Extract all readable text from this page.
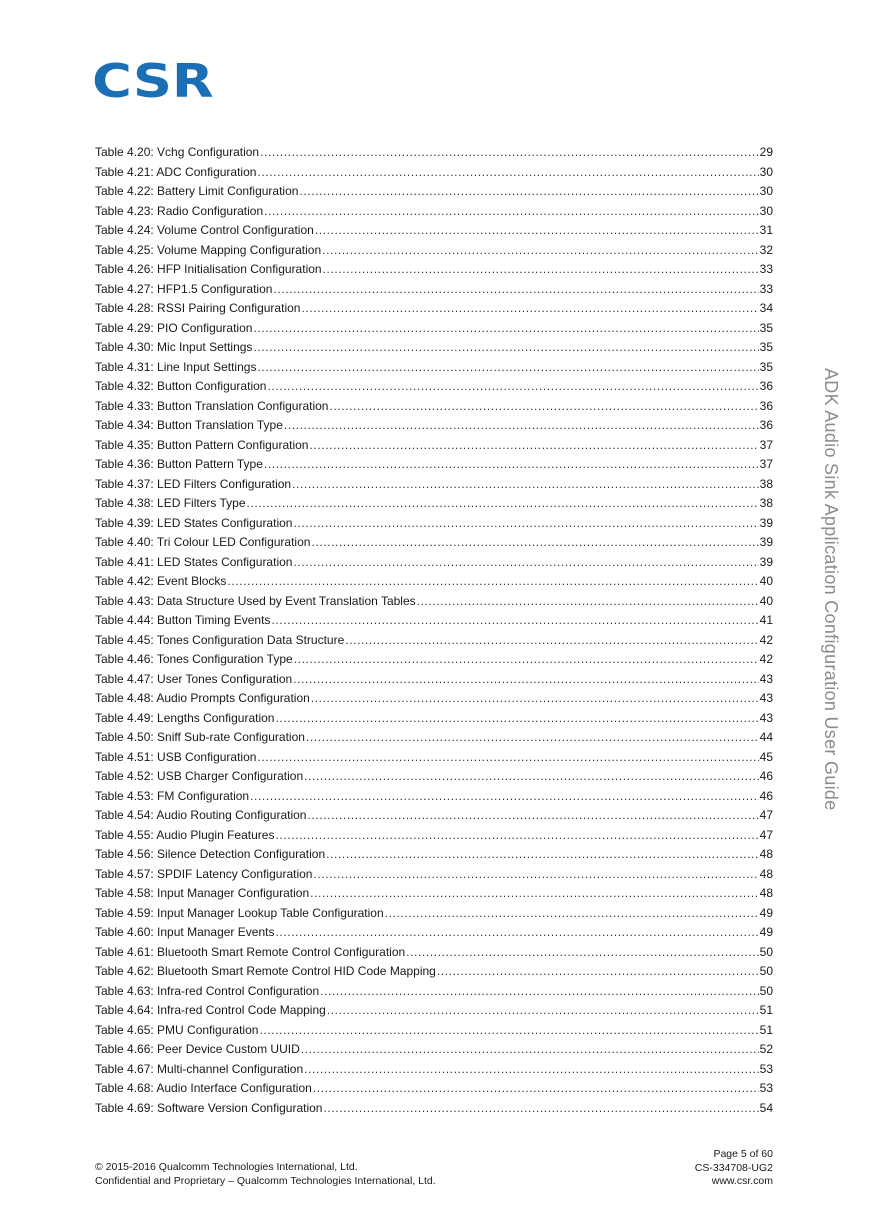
CSR
Table 4.20: Vchg Configuration .....	29
Table 4.21: ADC Configuration .....	30
Table 4.22: Battery Limit Configuration .....	30
Table 4.23: Radio Configuration .....	30
Table 4.24: Volume Control Configuration .....	31
Table 4.25: Volume Mapping Configuration .....	32
Table 4.26: HFP Initialisation Configuration .....	33
Table 4.27: HFP1.5 Configuration .....	33
Table 4.28: RSSI Pairing Configuration .....	34
Table 4.29: PIO Configuration .....	35
Table 4.30: Mic Input Settings .....	35
Table 4.31: Line Input Settings .....	35
Table 4.32: Button Configuration .....	36
Table 4.33: Button Translation Configuration .....	36
Table 4.34: Button Translation Type .....	36
Table 4.35: Button Pattern Configuration .....	37
Table 4.36: Button Pattern Type .....	37
Table 4.37: LED Filters Configuration .....	38
Table 4.38: LED Filters Type .....	38
Table 4.39: LED States Configuration .....	39
Table 4.40: Tri Colour LED Configuration .....	39
Table 4.41: LED States Configuration .....	39
Table 4.42: Event Blocks .....	40
Table 4.43: Data Structure Used by Event Translation Tables .....	40
Table 4.44: Button Timing Events .....	41
Table 4.45: Tones Configuration Data Structure .....	42
Table 4.46: Tones Configuration Type .....	42
Table 4.47: User Tones Configuration .....	43
Table 4.48: Audio Prompts Configuration .....	43
Table 4.49: Lengths Configuration .....	43
Table 4.50: Sniff Sub-rate Configuration .....	44
Table 4.51: USB Configuration .....	45
Table 4.52: USB Charger Configuration .....	46
Table 4.53: FM Configuration .....	46
Table 4.54: Audio Routing Configuration .....	47
Table 4.55: Audio Plugin Features .....	47
Table 4.56: Silence Detection Configuration .....	48
Table 4.57: SPDIF Latency Configuration .....	48
Table 4.58: Input Manager Configuration .....	48
Table 4.59: Input Manager Lookup Table Configuration .....	49
Table 4.60: Input Manager Events .....	49
Table 4.61: Bluetooth Smart Remote Control Configuration .....	50
Table 4.62: Bluetooth Smart Remote Control HID Code Mapping .....	50
Table 4.63: Infra-red Control Configuration .....	50
Table 4.64: Infra-red Control Code Mapping .....	51
Table 4.65: PMU Configuration .....	51
Table 4.66: Peer Device Custom UUID .....	52
Table 4.67: Multi-channel Configuration .....	53
Table 4.68: Audio Interface Configuration .....	53
Table 4.69: Software Version Configuration .....	54
ADK Audio Sink Application Configuration User Guide
© 2015-2016 Qualcomm Technologies International, Ltd.
Confidential and Proprietary – Qualcomm Technologies International, Ltd.
Page 5 of 60
CS-334708-UG2
www.csr.com
